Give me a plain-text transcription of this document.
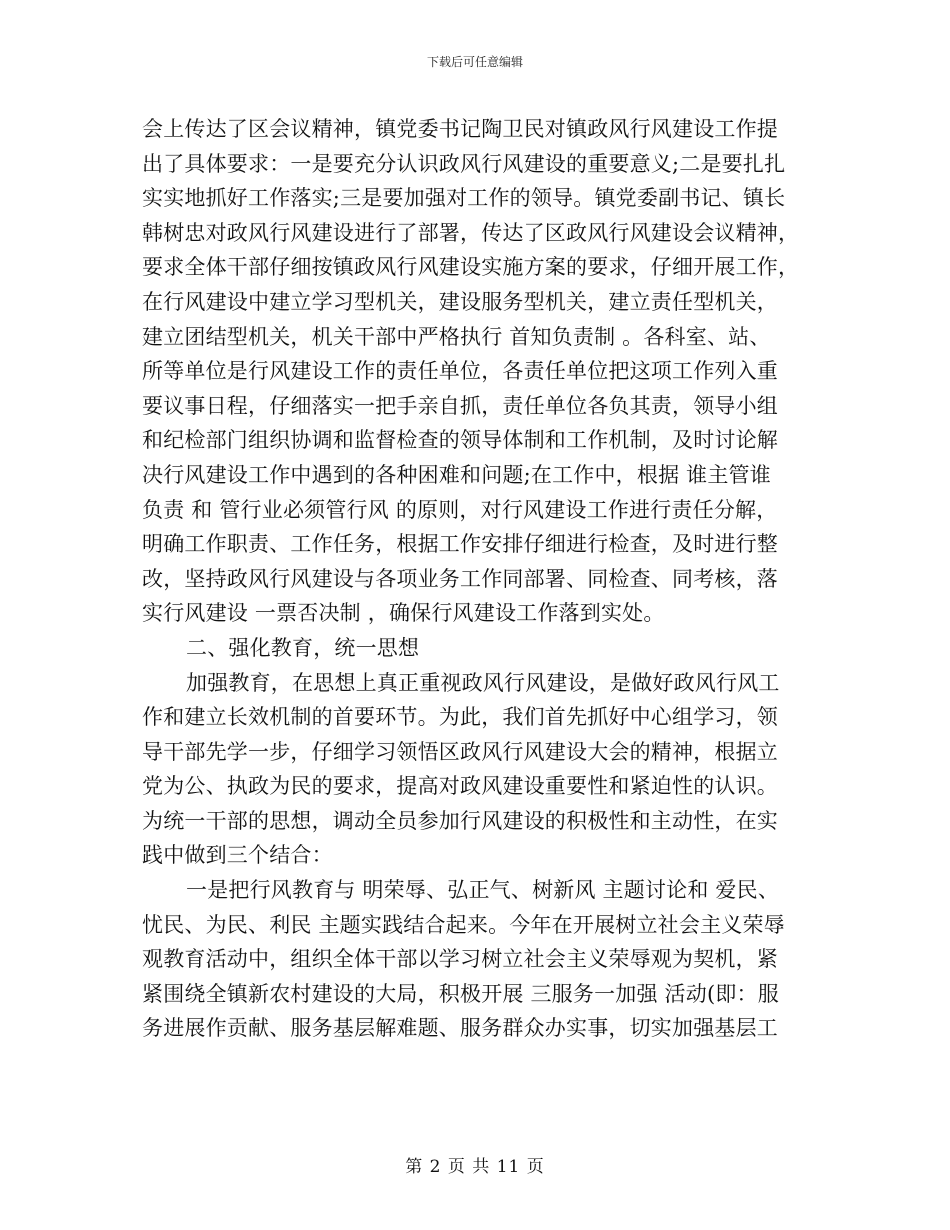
下载后可任意编辑
会上传达了区会议精神，镇党委书记陶卫民对镇政风行风建设工作提
出了具体要求：一是要充分认识政风行风建设的重要意义;二是要扎扎
实实地抓好工作落实;三是要加强对工作的领导。镇党委副书记、镇长
韩树忠对政风行风建设进行了部署，传达了区政风行风建设会议精神，
要求全体干部仔细按镇政风行风建设实施方案的要求，仔细开展工作，
在行风建设中建立学习型机关，建设服务型机关，建立责任型机关，
建立团结型机关，机关干部中严格执行 首知负责制 。各科室、站、
所等单位是行风建设工作的责任单位，各责任单位把这项工作列入重
要议事日程，仔细落实一把手亲自抓，责任单位各负其责，领导小组
和纪检部门组织协调和监督检查的领导体制和工作机制，及时讨论解
决行风建设工作中遇到的各种困难和问题;在工作中，根据 谁主管谁
负责 和 管行业必须管行风 的原则，对行风建设工作进行责任分解，
明确工作职责、工作任务，根据工作安排仔细进行检查，及时进行整
改，坚持政风行风建设与各项业务工作同部署、同检查、同考核，落
实行风建设 一票否决制 ，确保行风建设工作落到实处。
二、强化教育，统一思想
加强教育，在思想上真正重视政风行风建设，是做好政风行风工
作和建立长效机制的首要环节。为此，我们首先抓好中心组学习，领
导干部先学一步，仔细学习领悟区政风行风建设大会的精神，根据立
党为公、执政为民的要求，提高对政风建设重要性和紧迫性的认识。
为统一干部的思想，调动全员参加行风建设的积极性和主动性，在实
践中做到三个结合：
一是把行风教育与 明荣辱、弘正气、树新风 主题讨论和 爱民、
忧民、为民、利民 主题实践结合起来。今年在开展树立社会主义荣辱
观教育活动中，组织全体干部以学习树立社会主义荣辱观为契机，紧
紧围绕全镇新农村建设的大局，积极开展 三服务一加强 活动(即：服
务进展作贡献、服务基层解难题、服务群众办实事，切实加强基层工
第 2 页 共 11 页
